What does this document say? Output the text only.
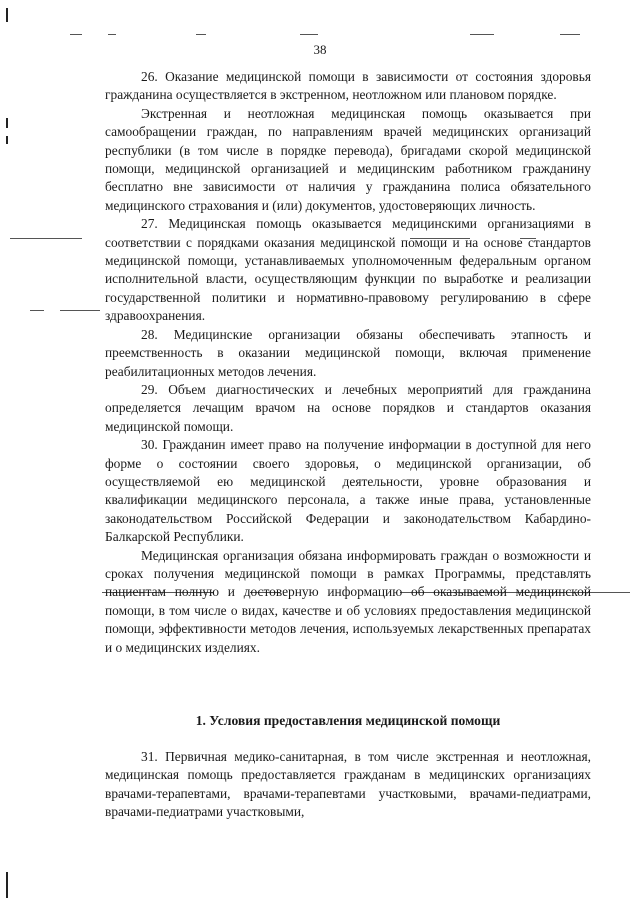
38

26. Оказание медицинской помощи в зависимости от состояния здоровья гражданина осуществляется в экстренном, неотложном или плановом порядке.

Экстренная и неотложная медицинская помощь оказывается при самообращении граждан, по направлениям врачей медицинских организаций республики (в том числе в порядке перевода), бригадами скорой медицинской помощи, медицинской организацией и медицинским работником гражданину бесплатно вне зависимости от наличия у гражданина полиса обязательного медицинского страхования и (или) документов, удостоверяющих личность.

27. Медицинская помощь оказывается медицинскими организациями в соответствии с порядками оказания медицинской помощи и на основе стандартов медицинской помощи, устанавливаемых уполномоченным федеральным органом исполнительной власти, осуществляющим функции по выработке и реализации государственной политики и нормативно-правовому регулированию в сфере здравоохранения.

28. Медицинские организации обязаны обеспечивать этапность и преемственность в оказании медицинской помощи, включая применение реабилитационных методов лечения.

29. Объем диагностических и лечебных мероприятий для гражданина определяется лечащим врачом на основе порядков и стандартов оказания медицинской помощи.

30. Гражданин имеет право на получение информации в доступной для него форме о состоянии своего здоровья, о медицинской организации, об осуществляемой ею медицинской деятельности, уровне образования и квалификации медицинского персонала, а также иные права, установленные законодательством Российской Федерации и законодательством Кабардино-Балкарской Республики.

Медицинская организация обязана информировать граждан о возможности и сроках получения медицинской помощи в рамках Программы, представлять пациентам полную и достоверную информацию об оказываемой медицинской помощи, в том числе о видах, качестве и об условиях предоставления медицинской помощи, эффективности методов лечения, используемых лекарственных препаратах и о медицинских изделиях.

1. Условия предоставления медицинской помощи

31. Первичная медико-санитарная, в том числе экстренная и неотложная, медицинская помощь предоставляется гражданам в медицинских организациях врачами-терапевтами, врачами-терапевтами участковыми, врачами-педиатрами, врачами-педиатрами участковыми,
